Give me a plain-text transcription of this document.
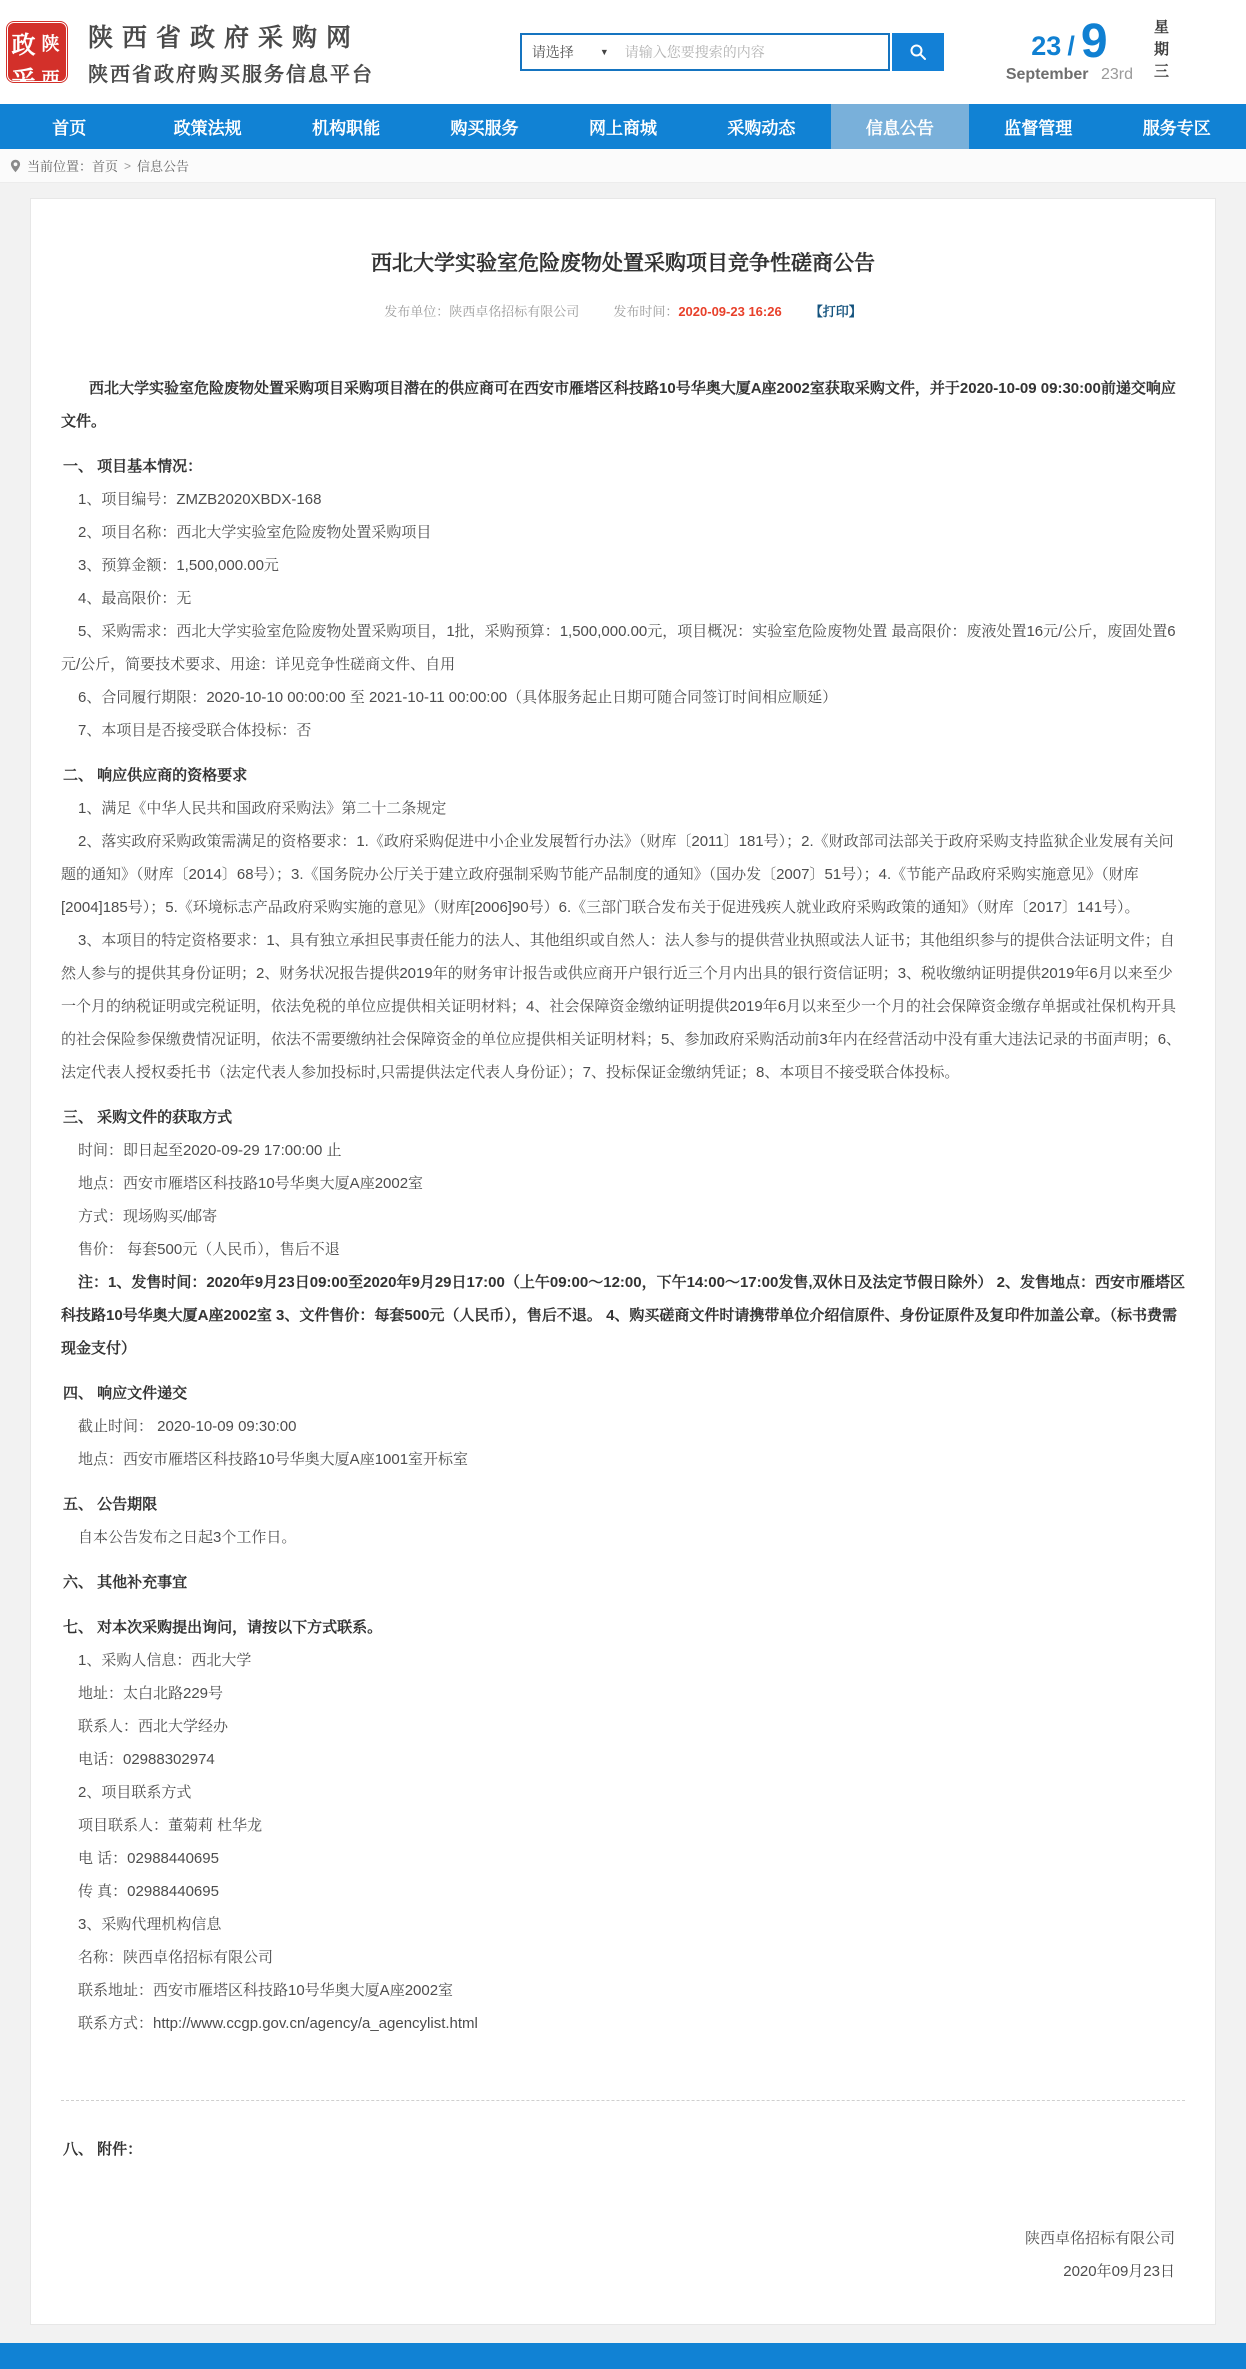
政 陕
采 西
陕西省政府采购网
陕西省政府购买服务信息平台
请选择	▼
请输入您要搜索的内容	23 / 9
September 23rd 星期三
首页	政策法规	机构职能	购买服务	网上商城	采购动态	信息公告	监督管理	服务专区
当前位置： 首页 > 信息公告
西北大学实验室危险废物处置采购项目竞争性磋商公告
发布单位：陕西卓佲招标有限公司	发布时间：2020-09-23 16:26 【打印】

西北大学实验室危险废物处置采购项目采购项目潜在的供应商可在西安市雁塔区科技路10号华奥大厦A座2002室获取采购文件，并于2020-10-09 09:30:00前递交响应文件。

一、 项目基本情况：

1、项目编号：ZMZB2020XBDX-168

2、项目名称：西北大学实验室危险废物处置采购项目

3、预算金额：1,500,000.00元

4、最高限价：无

5、采购需求：西北大学实验室危险废物处置采购项目，1批，采购预算：1,500,000.00元，项目概况：实验室危险废物处置 最高限价：废液处置16元/公斤，废固处置6元/公斤，简要技术要求、用途：详见竞争性磋商文件、自用

6、合同履行期限：2020-10-10 00:00:00 至 2021-10-11 00:00:00（具体服务起止日期可随合同签订时间相应顺延）

7、本项目是否接受联合体投标：否

二、 响应供应商的资格要求

1、满足《中华人民共和国政府采购法》第二十二条规定

2、落实政府采购政策需满足的资格要求：1.《政府采购促进中小企业发展暂行办法》（财库〔2011〕181号）；2.《财政部司法部关于政府采购支持监狱企业发展有关问题的通知》（财库〔2014〕68号）；3.《国务院办公厅关于建立政府强制采购节能产品制度的通知》（国办发〔2007〕51号）；4.《节能产品政府采购实施意见》（财库[2004]185号）；5.《环境标志产品政府采购实施的意见》（财库[2006]90号）6.《三部门联合发布关于促进残疾人就业政府采购政策的通知》（财库〔2017〕141号）。

3、本项目的特定资格要求：1、具有独立承担民事责任能力的法人、其他组织或自然人：法人参与的提供营业执照或法人证书；其他组织参与的提供合法证明文件；自然人参与的提供其身份证明；2、财务状况报告提供2019年的财务审计报告或供应商开户银行近三个月内出具的银行资信证明；3、税收缴纳证明提供2019年6月以来至少一个月的纳税证明或完税证明，依法免税的单位应提供相关证明材料；4、社会保障资金缴纳证明提供2019年6月以来至少一个月的社会保障资金缴存单据或社保机构开具的社会保险参保缴费情况证明，依法不需要缴纳社会保障资金的单位应提供相关证明材料；5、参加政府采购活动前3年内在经营活动中没有重大违法记录的书面声明；6、法定代表人授权委托书（法定代表人参加投标时,只需提供法定代表人身份证）；7、投标保证金缴纳凭证；8、本项目不接受联合体投标。

三、 采购文件的获取方式

时间：即日起至2020-09-29 17:00:00 止

地点：西安市雁塔区科技路10号华奥大厦A座2002室

方式：现场购买/邮寄

售价： 每套500元（人民币），售后不退

注：1、发售时间：2020年9月23日09:00至2020年9月29日17:00（上午09:00～12:00，下午14:00～17:00发售,双休日及法定节假日除外） 2、发售地点：西安市雁塔区科技路10号华奥大厦A座2002室 3、文件售价：每套500元（人民币），售后不退。 4、购买磋商文件时请携带单位介绍信原件、身份证原件及复印件加盖公章。（标书费需现金支付）

四、 响应文件递交

截止时间： 2020-10-09 09:30:00

地点：西安市雁塔区科技路10号华奥大厦A座1001室开标室

五、 公告期限

自本公告发布之日起3个工作日。

六、 其他补充事宜

七、 对本次采购提出询问，请按以下方式联系。

1、采购人信息：西北大学

地址：太白北路229号

联系人：西北大学经办

电话：02988302974

2、项目联系方式

项目联系人：董菊莉 杜华龙

电 话：02988440695

传 真：02988440695

3、采购代理机构信息

名称：陕西卓佲招标有限公司

联系地址：西安市雁塔区科技路10号华奥大厦A座2002室

联系方式：http://www.ccgp.gov.cn/agency/a_agencylist.html

八、 附件：
陕西卓佲招标有限公司
2020年09月23日
